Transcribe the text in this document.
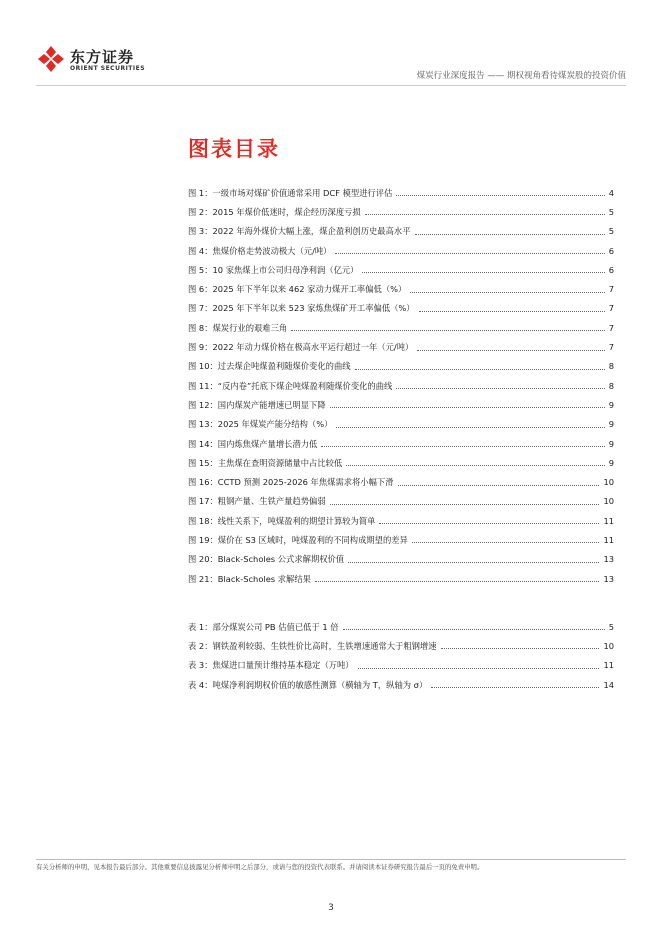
东方证券
ORIENT SECURITIES
煤炭行业深度报告 —— 期权视角看待煤炭股的投资价值
图表目录
图 1：一级市场对煤矿价值通常采用 DCF 模型进行评估	4
图 2：2015 年煤价低迷时，煤企经历深度亏损	5
图 3：2022 年海外煤价大幅上涨，煤企盈利创历史最高水平	5
图 4：焦煤价格走势波动极大（元/吨）	6
图 5：10 家焦煤上市公司归母净利润（亿元）	6
图 6：2025 年下半年以来 462 家动力煤开工率偏低（%）	7
图 7：2025 年下半年以来 523 家炼焦煤矿开工率偏低（%）	7
图 8：煤炭行业的艰难三角	7
图 9：2022 年动力煤价格在极高水平运行超过一年（元/吨）	7
图 10：过去煤企吨煤盈利随煤价变化的曲线	8
图 11：“反内卷”托底下煤企吨煤盈利随煤价变化的曲线	8
图 12：国内煤炭产能增速已明显下降	9
图 13：2025 年煤炭产能分结构（%）	9
图 14：国内炼焦煤产量增长潜力低	9
图 15：主焦煤在查明资源储量中占比较低	9
图 16：CCTD 预测 2025-2026 年焦煤需求将小幅下滑	10
图 17：粗钢产量、生铁产量趋势偏弱	10
图 18：线性关系下，吨煤盈利的期望计算较为简单	11
图 19：煤价在 S3 区域时，吨煤盈利的不同构成期望的差异	11
图 20：Black-Scholes 公式求解期权价值	13
图 21：Black-Scholes 求解结果	13
表 1：部分煤炭公司 PB 估值已低于 1 倍	5
表 2：钢铁盈利较弱、生铁性价比高时，生铁增速通常大于粗钢增速	10
表 3：焦煤进口量预计维持基本稳定（万吨）	11
表 4：吨煤净利润期权价值的敏感性测算（横轴为 T，纵轴为 σ）	14
有关分析师的申明，见本报告最后部分。其他重要信息披露见分析师申明之后部分，或请与您的投资代表联系。并请阅读本证券研究报告最后一页的免责申明。
3
